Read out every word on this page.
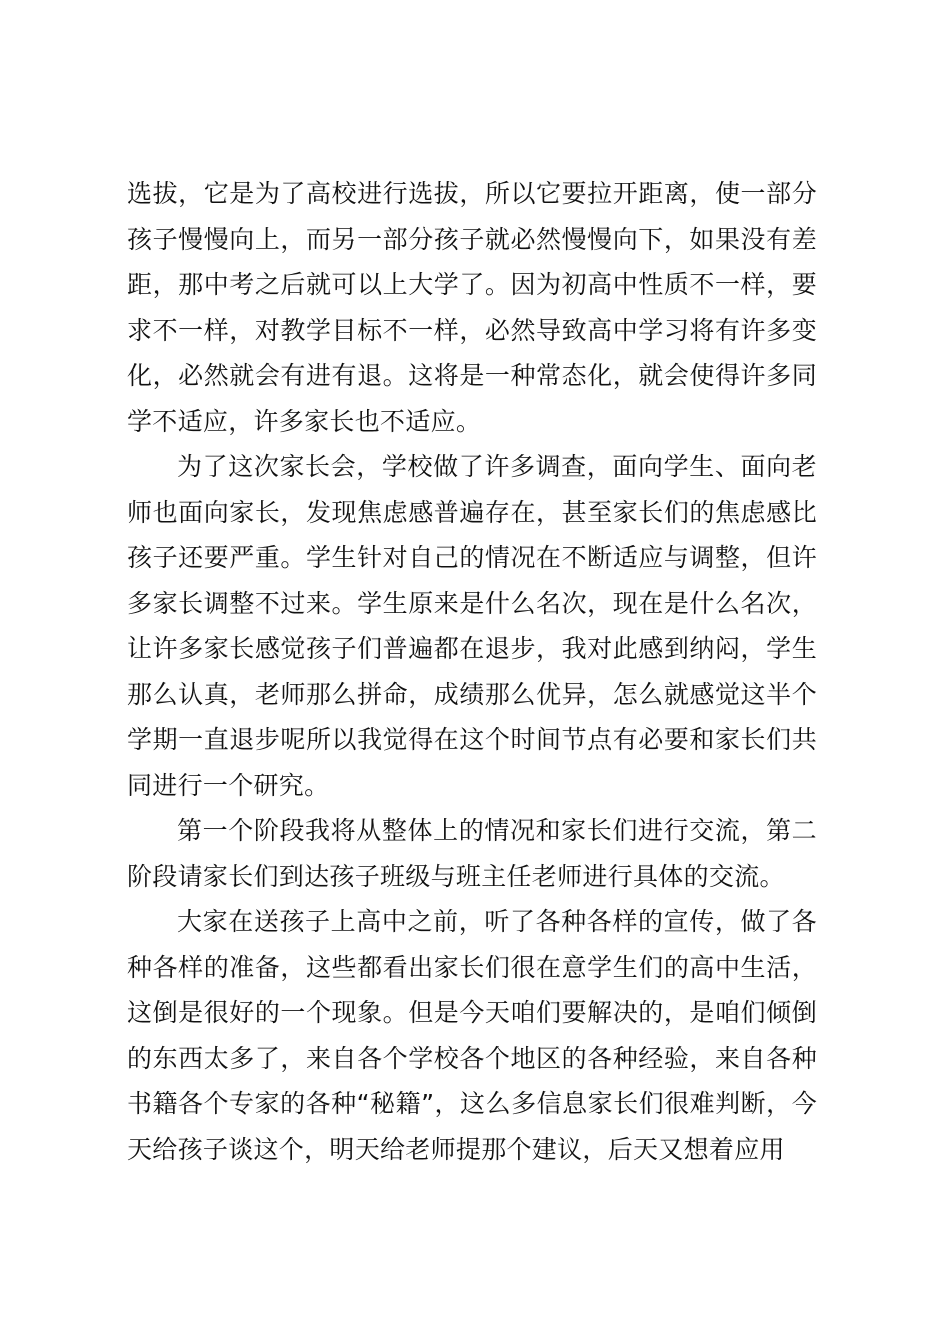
选拔，它是为了高校进行选拔，所以它要拉开距离，使一部分孩子慢慢向上，而另一部分孩子就必然慢慢向下，如果没有差距，那中考之后就可以上大学了。因为初高中性质不一样，要求不一样，对教学目标不一样，必然导致高中学习将有许多变化，必然就会有进有退。这将是一种常态化，就会使得许多同学不适应，许多家长也不适应。

为了这次家长会，学校做了许多调查，面向学生、面向老师也面向家长，发现焦虑感普遍存在，甚至家长们的焦虑感比孩子还要严重。学生针对自己的情况在不断适应与调整，但许多家长调整不过来。学生原来是什么名次，现在是什么名次，让许多家长感觉孩子们普遍都在退步，我对此感到纳闷，学生那么认真，老师那么拼命，成绩那么优异，怎么就感觉这半个学期一直退步呢所以我觉得在这个时间节点有必要和家长们共同进行一个研究。

第一个阶段我将从整体上的情况和家长们进行交流，第二阶段请家长们到达孩子班级与班主任老师进行具体的交流。

大家在送孩子上高中之前，听了各种各样的宣传，做了各种各样的准备，这些都看出家长们很在意学生们的高中生活，这倒是很好的一个现象。但是今天咱们要解决的，是咱们倾倒的东西太多了，来自各个学校各个地区的各种经验，来自各种书籍各个专家的各种“秘籍”，这么多信息家长们很难判断，今天给孩子谈这个，明天给老师提那个建议，后天又想着应用
